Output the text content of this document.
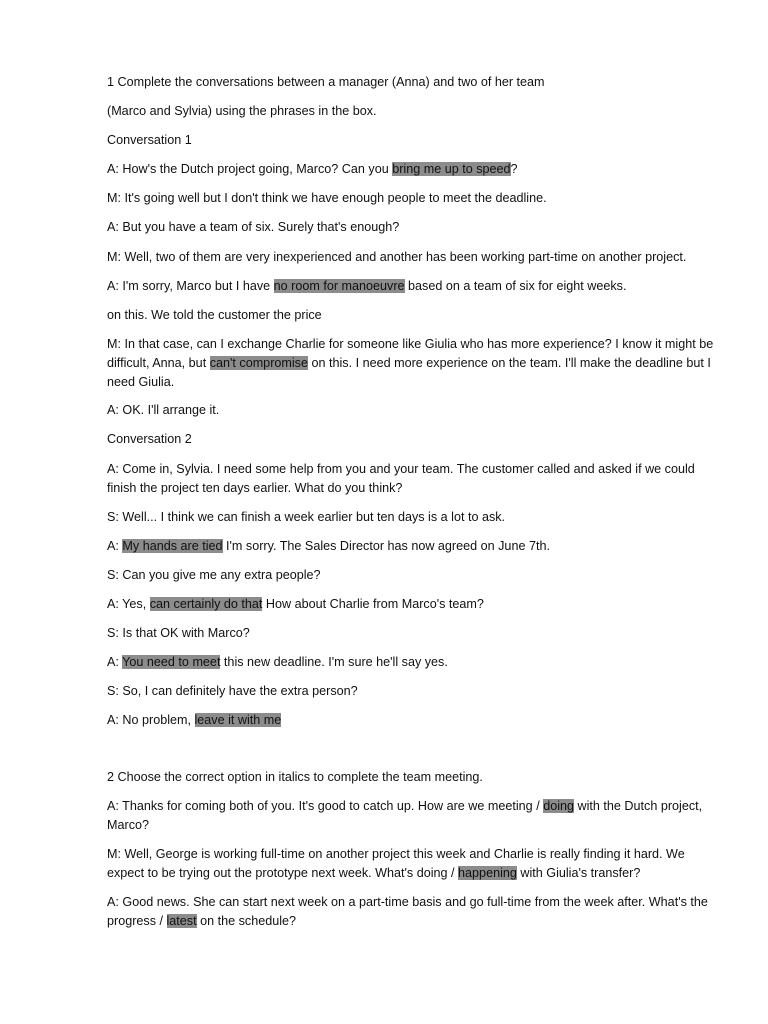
1 Complete the conversations between a manager (Anna) and two of her team
(Marco and Sylvia) using the phrases in the box.
Conversation 1
A: How's the Dutch project going, Marco? Can you bring me up to speed?
M: It's going well but I don't think we have enough people to meet the deadline.
A: But you have a team of six. Surely that's enough?
M: Well, two of them are very inexperienced and another has been working part-time on another project.
A: I'm sorry, Marco but I have no room for manoeuvre based on a team of six for eight weeks.
on this. We told the customer the price
M: In that case, can I exchange Charlie for someone like Giulia who has more experience? I know it might be difficult, Anna, but can't compromise on this. I need more experience on the team. I'll make the deadline but I need Giulia.
A: OK. I'll arrange it.
Conversation 2
A: Come in, Sylvia. I need some help from you and your team. The customer called and asked if we could finish the project ten days earlier. What do you think?
S: Well... I think we can finish a week earlier but ten days is a lot to ask.
A: My hands are tied I'm sorry. The Sales Director has now agreed on June 7th.
S: Can you give me any extra people?
A: Yes, can certainly do that How about Charlie from Marco's team?
S: Is that OK with Marco?
A: You need to meet this new deadline. I'm sure he'll say yes.
S: So, I can definitely have the extra person?
A: No problem, leave it with me
2 Choose the correct option in italics to complete the team meeting.
A: Thanks for coming both of you. It's good to catch up. How are we meeting / doing with the Dutch project, Marco?
M: Well, George is working full-time on another project this week and Charlie is really finding it hard. We expect to be trying out the prototype next week. What's doing / happening with Giulia's transfer?
A: Good news. She can start next week on a part-time basis and go full-time from the week after. What's the progress / latest on the schedule?
